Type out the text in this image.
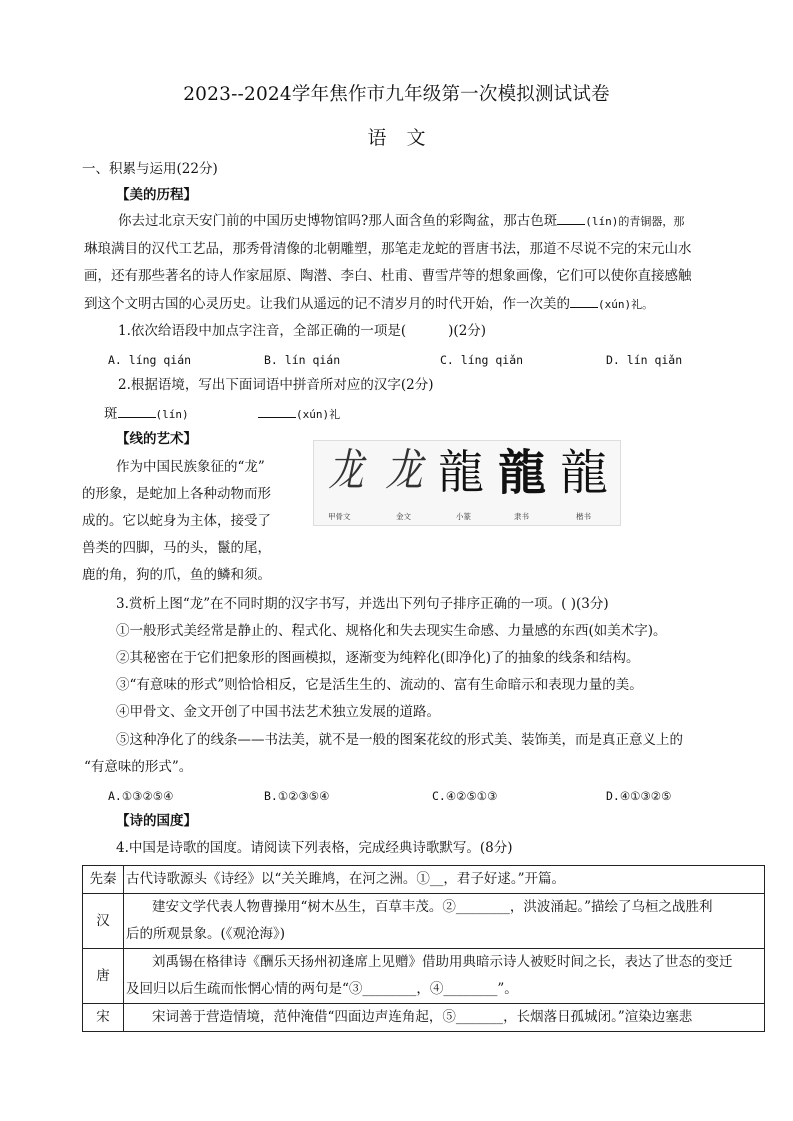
2023--2024学年焦作市九年级第一次模拟测试试卷
语文
一、积累与运用(22分)
【美的历程】

你去过北京天安门前的中国历史博物馆吗?那人面含鱼的彩陶盆，那古色斑	(lín)的青铜器，那

琳琅满目的汉代工艺品，那秀骨清像的北朝雕塑，那笔走龙蛇的晋唐书法，那道不尽说不完的宋元山水

画，还有那些著名的诗人作家屈原、陶潜、李白、杜甫、曹雪芹等的想象画像，它们可以使你直接感触

到这个文明古国的心灵历史。让我们从遥远的记不清岁月的时代开始，作一次美的	(xún)礼。

1.依次给语段中加点字注音，全部正确的一项是(	)(2分)
A. líng qián	B. lín qián	C. líng qiǎn	D. lín qiǎn
2.根据语境，写出下面词语中拼音所对应的汉字(2分)
斑	(lín)	(xún)礼
【线的艺术】
作为中国民族象征的“龙”
的形象，是蛇加上各种动物而形
成的。它以蛇身为主体，接受了
兽类的四脚，马的头，鬣的尾，
鹿的角，狗的爪，鱼的鳞和须。
龙 龙 龍 龍 龍
甲骨文	金文	小篆	隶书	楷书
3.赏析上图“龙”在不同时期的汉字书写，并选出下列句子排序正确的一项。( )(3分)
①一般形式美经常是静止的、程式化、规格化和失去现实生命感、力量感的东西(如美术字)。
②其秘密在于它们把象形的图画模拟，逐渐变为纯粹化(即净化)了的抽象的线条和结构。
③“有意味的形式”则恰恰相反，它是活生生的、流动的、富有生命暗示和表现力量的美。
④甲骨文、金文开创了中国书法艺术独立发展的道路。
⑤这种净化了的线条——书法美，就不是一般的图案花纹的形式美、装饰美，而是真正意义上的
“有意味的形式”。
A.①③②⑤④	B.①②③⑤④	C.④②⑤①③	D.④①③②⑤
【诗的国度】
4.中国是诗歌的国度。请阅读下列表格，完成经典诗歌默写。(8分)
先秦	古代诗歌源头《诗经》以“关关雎鸠，在河之洲。①__，君子好逑。”开篇。
汉	建安文学代表人物曹操用“树木丛生，百草丰茂。②________，洪波涌起。”描绘了乌桓之战胜利
后的所观景象。(《观沧海》)

唐	刘禹锡在格律诗《酬乐天扬州初逢席上见赠》借助用典暗示诗人被贬时间之长，表达了世态的变迁
及回归以后生疏而怅惘心情的两句是“③________，④________”。

宋	宋词善于营造情境，范仲淹借“四面边声连角起，⑤_______，长烟落日孤城闭。”渲染边塞悲
